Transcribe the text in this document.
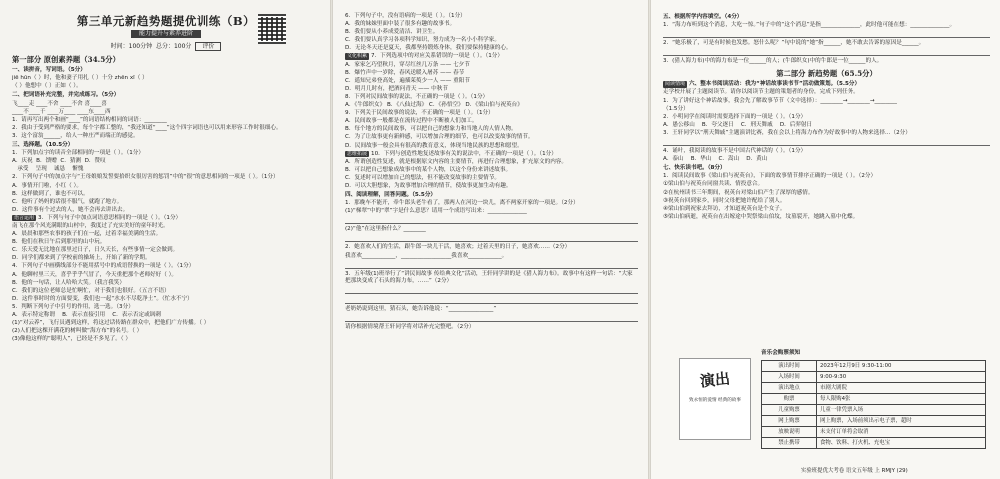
第三单元新趋势题提优训练（B）
能力提升与素养进阶
时间：100分钟 总分：100分 评价
第一部分 原创素养题（34.5分）
一、读拼音，写词语。（5分）
jiē hūn（ ）时，他和妻子用扎（ ）十分 zhēn xī（ ）
（ ）他想中（ ）正如（ ）。
二、把词语补充完整，并完成练习。（5分）
飞____走 ____不舍 ____不舍 喜____喜
____不____千 ____万____ ____东____西
1．请再写出两个和画“____”的词语结构相同的词语：________
2．我由于受到严格的要求，每个字都工整的，“我还知道“____”这个四字词语也可以用来形容工作时很细心。
3．这个富翁______，给人一种庄严而端正的感觉。
三、选择题。（10.5分）
1．下列加点字的读音全部相同的一项是（ ）。（1分）
A．庆祝  B．馈赠  C．猜测  D．赞叹
承受    呈现    诚恳    惭愧
2．下列句子中的加点字与“王母娘娘发誓要拾织女很厉害的惩罚”中的“很”的意思相同的一项是（ ）。（1分）
A．事情开门啦，小红（ ）。
B．这样做到了，谁也不可以。
C．他听了妈妈的话很不服气，就跑了地方。
D．这件事有个过去的人，她不会再去讲出去。
语言运用 3．下列与句子中加点词语意思相同的一项是（ ）。（1分）
南飞在那个风光满眼的山村中，我度过了充实美好的童年时光。
A．晨晨和那些农事的孩子们在一起，过着幸福美满的生活。
B．他们在秋日午后到那里的山中玩。
C．乐天爱无比地在那里过日子，日久天长，有些事情一定会做到。
D．同学们都来到了学校前的操场上，开始了新的学期。
4．下列句子中画横线部分不能用括号中的成语替换的一项是（ ）。（1分）
A．他聊村里三天，喜乎乎乎气冒了，今天重把那个老师好好（ ）。
B．他的一句话，让人哈哈大笑。（我言我笑）
C．我们的这位老师总是忙啊忙，对于我们也很好。（五言不语）
D．这件事时时的方面要变，我们也一起“水水不尽乾净土”。（忙水不宁）
5．判断下列句子中引号的作用，选一选。（3分）
A．表示特定称谓    B．表示直接引用    C．表示否定或讽刺
(1)“对云养”，飞行员遇到这样，将这过话传路在群众中，把他们广方传播。（ ）
(2)人们把这棵开满花的树叫做“海方布”的名号。（ ）
(3)像他这样的“聪明人”，已经是不多见了。（ ）
6．下列句子中，没有语病的一项是（ ）。（1分）
A．我的妹妹里面中装了很多有趣的故事书。
B．我们要从小养成爱清洁、讲卫生。
C．我们要认真学习各项科学知识，努力成为一名小小科学家。
D．无论冬天还是夏天，我都坚持锻炼身体，我们要保持健康的心。
文化积累 7．下列选项中的对应关系错误的一项是（ ）。（1分）
A．家家乞巧望秋月，穿尽红丝几万条 —— 七夕节
B．爆竹声中一岁除，春风送暖入屠苏 —— 春节
C．遥知兄弟登高处，遍插茱萸少一人 —— 重阳节
D．明月几时有，把酒问青天 —— 中秋节
8．下列对民间故事的说法，不正确的一项是（ ）。（1分）
A．《牛郎织女》 B．《八仙过海》 C．《孙悟空》 D．《梁山伯与祝英台》
9．下列关于民间故事的说法，不正确的一项是（ ）。（1分）
A．民间故事一般都是在流传过程中不断被人们加工。
B．每个地方的民间故事，可以把自己的想象力和当地人的人情人物。
C．为了让故事更有新鲜感，可以增加合理的细节，也可以改变故事的情节。
D．民间故事一般会具有很高的教育意义，体现当地民族的思想和愿望。
思维拓展 10．下列与创造性地复述故事有关的说法中，不正确的一项是（ ）。（1分）
A．所谓创造性复述，就是根据原文内容的主要情节，再进行合理想象，扩充原文的内容。
B．可以把自己想象成故事中的某个人物，以这个身份来讲述故事。
C．复述时可以增加自己的想法，但不能改变故事的主要情节。
D．可以大胆想象，为故事增加合理的情节，使故事更加生动有趣。
四、阅读理解，回答问题。（5.5分）
1．那晚车不能开，牵牛郎头老牛看了，那两人在河边一块儿，离不两家开家的一项是。（2分）
(1)“梯翠”中的“翠”字是什么意思？请用一个成语写出来：______________
(2)“他”在这里指什么？________
2．她喜欢人们的生活，跟牛郎一块儿干活，她喜欢；过着天里的日子，她喜欢……（2分）
我喜欢____________，__________________我喜欢____________。
3．五年级(1)班举行了“讲民间故事 传给典文化”活动，王轩同学讲的是《猎人海力布》。故事中有这样一句话：“大家把那块变成了石头的海力布，……”（2分）
老奶奶说到这里，猜石头，她告诉他说：“________________”
请你根据情境帮王轩同学将对话补充完整吧。（2分）
五、根据所学内容填空。（4分）
1．“海力布听到这个消息，大吃一惊。”句子中的“这个消息”是指______________，此时他可能在想：______________。
2．“她乐极了，可是有时候也发愁。怒什么呢？”句中说的“她”指______，她不敢去告诉的原因是______。
3．(猎人海力布)中的海力布是一位______的人；(牛郎织女)中的牛郎是一位______的人。
第二部分 新趋势题（65.5分）
阅读情境 六、整本书阅读活动：我为“神话故事读书节”活动做策划。（5.5分）
走学校开展了主题阅读节。请你以阅读节主题的策划者的身份，完成下列任务。
1．为了讲好这个神话故事，我会先了解故事节节（文中选择）：________→________→________
（1.5分）
2．小明同学在阅读时需要选择下面的一项是（ ）。（1分）
A．愚公移山    B．夸父逐日    C．刑天舞戚    D．后羿射日
3．王轩同学以“刑天舞戚”主题演讲比赛，我在会以上将海力布作为好故事中的人物来选择…（2分）
4．诵叶，我阅读的故事不是中国古代神话的（ ）。（1分）
A．泰山    B．华山    C．嵩山    D．黄山
七、快乐读书吧。（8分）
1．阅读民间故事《梁山伯与祝英台》，下面的故事情节排序正确的一项是（ ）。（2分）
①梁山伯与祝英台同窗共读、情投意合。
②在杭州读书三年期间，祝英台对梁山伯产生了深厚的感情。
③祝英台回到家乡，同时父母把她许配给了别人。
④梁山伯到祝家去拜访，才知道祝英台是个女子。
⑤梁山伯病逝，祝英台在出嫁途中哭祭梁山伯坟，坟墓裂开，她跳入墓中化蝶。
演出
致永恒的爱情 经典的故事
音乐会购票须知
演出时间	2023年12月9日 9:30-11:00
入场时间	9:00-9:30
演出地点	市剧大剧院
购票	每人限购4张
儿童购票	儿童一律凭票入场
网上购票	网上购票，入场前须出示电子票，超时
放映说明	未支付订单将会取消
禁止携带	食物、饮料、打火机、充电宝
实验班提优大考卷 语文五年级 上 RMJY (29)
